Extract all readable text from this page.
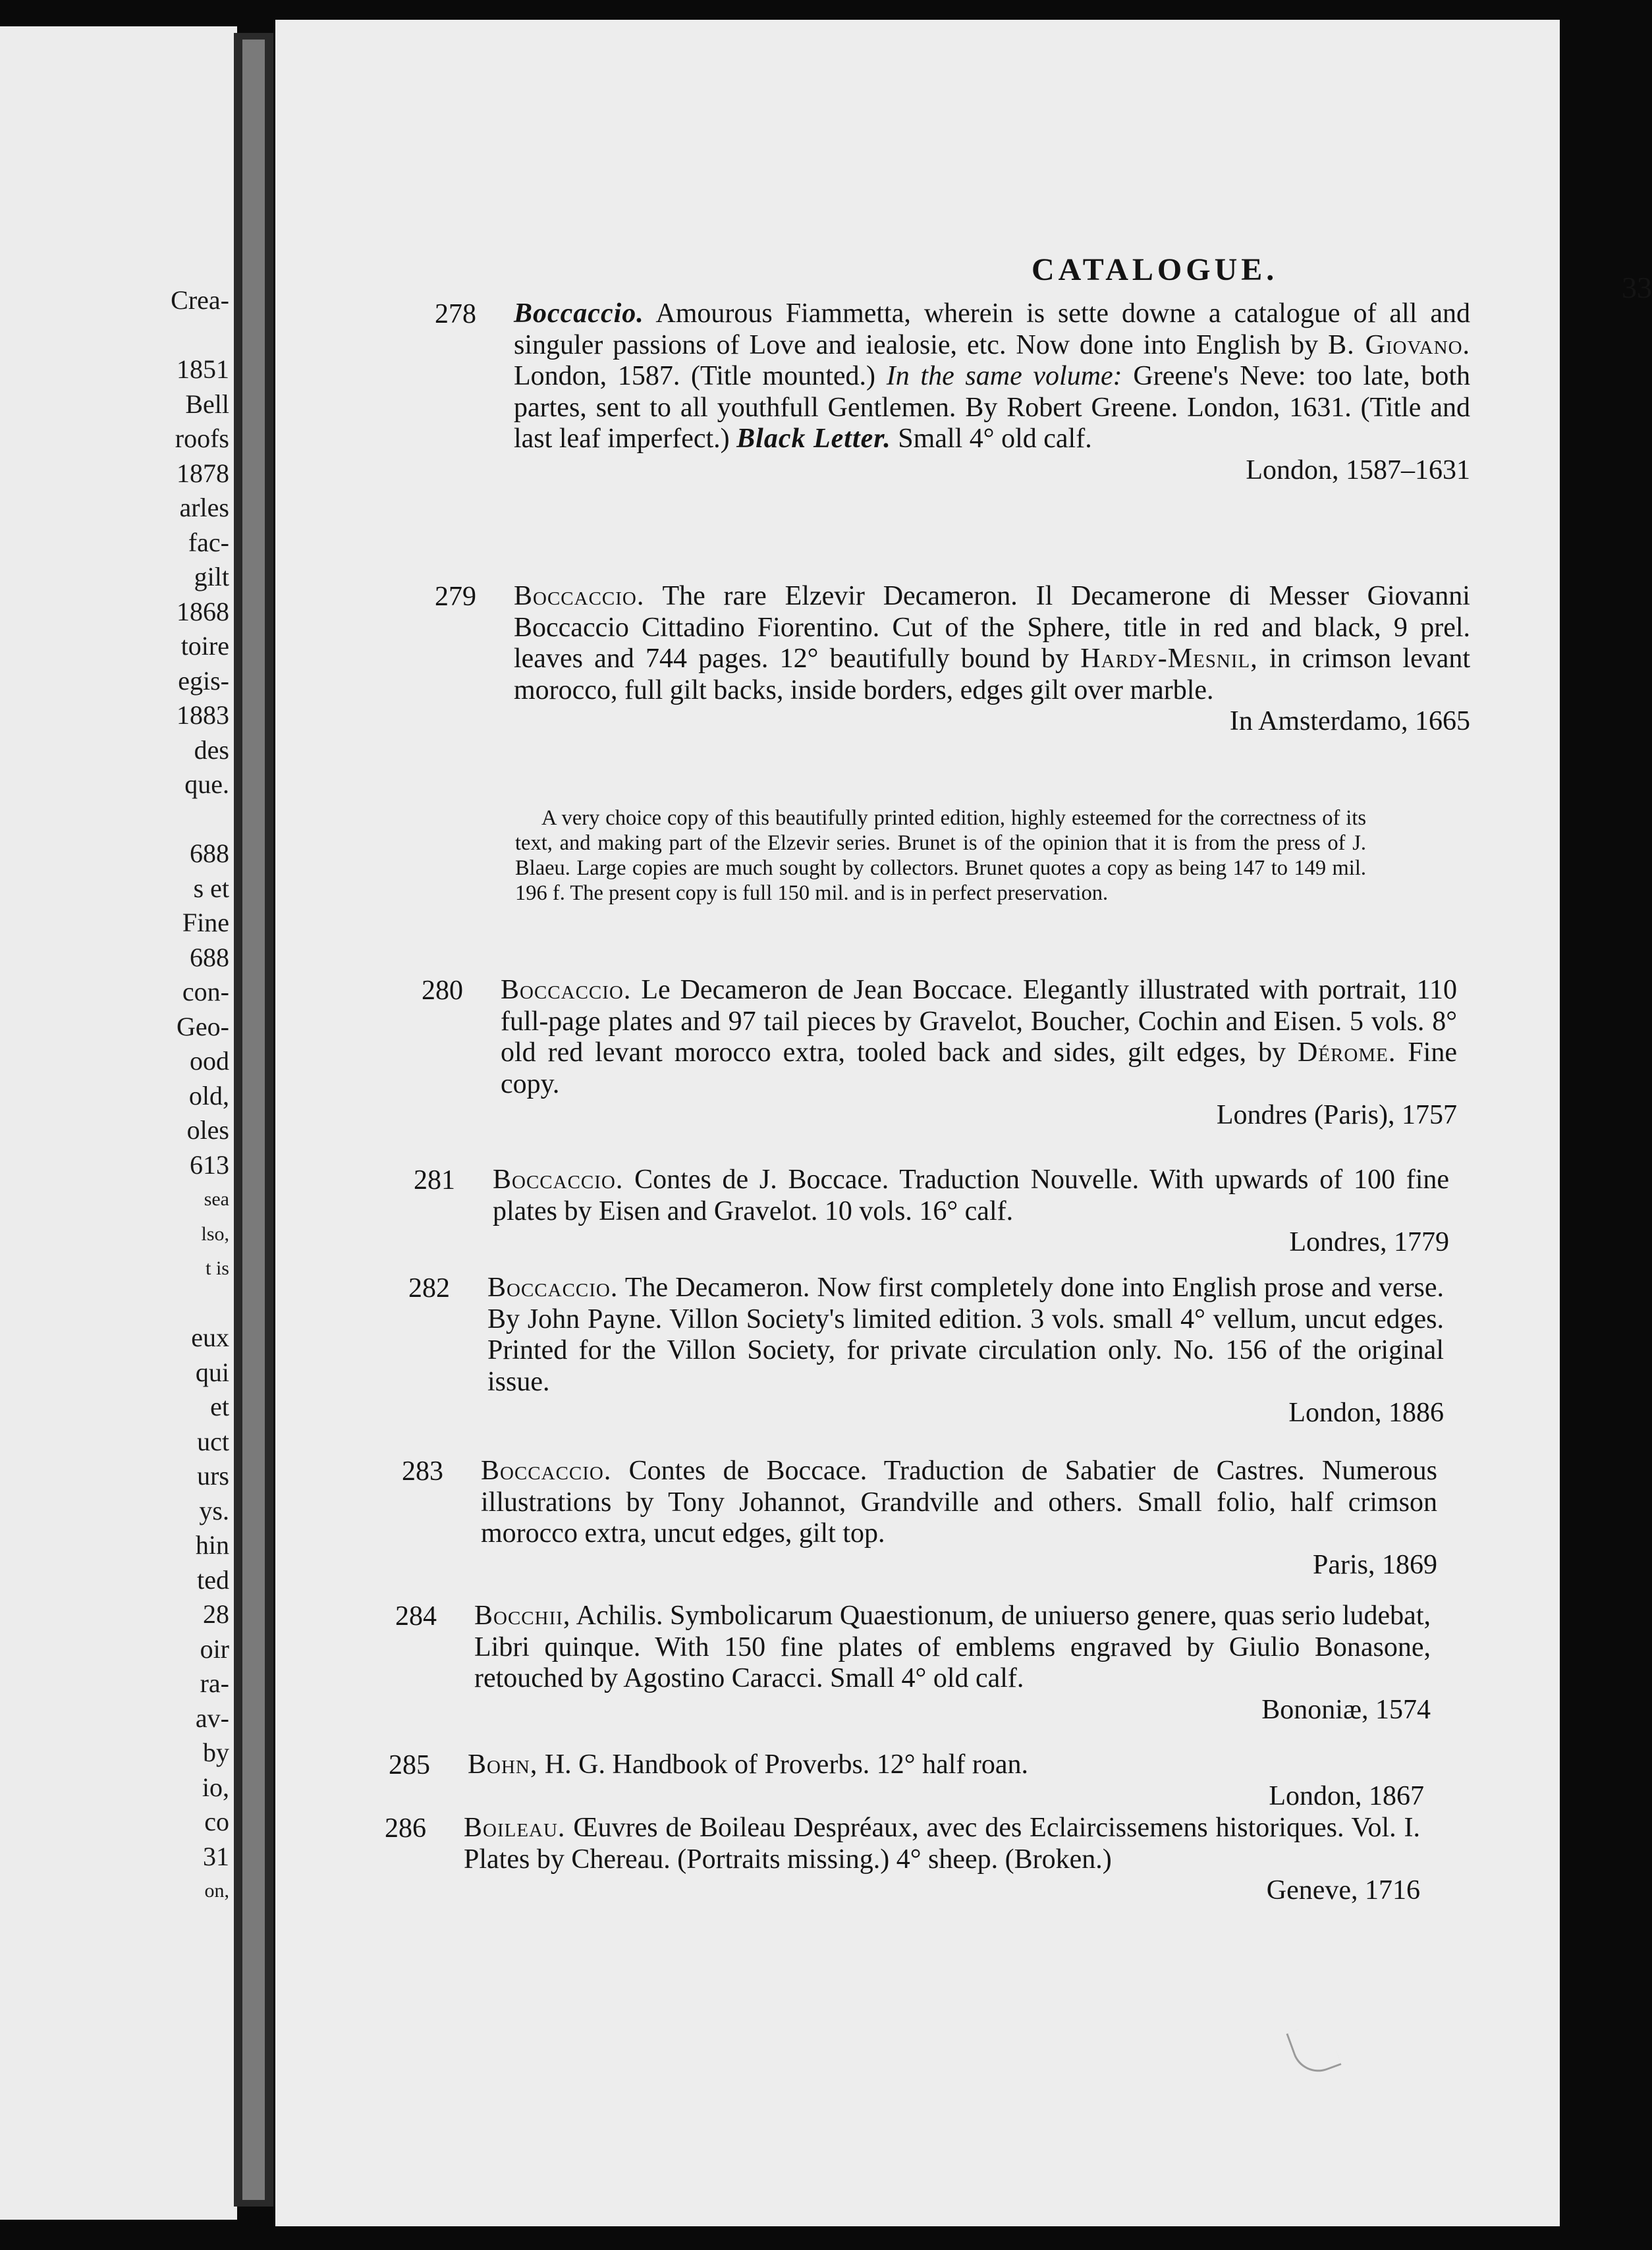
Crea-
1851
Bell
roofs
1878
arles
fac-
gilt
1868
toire
egis-
1883
des
que.
688
s et
Fine
688
con-
Geo-
ood
old,
oles
613
sea
lso,
t is
eux
qui
et
uct
urs
ys.
hin
ted
28
oir
ra-
av-
by
io,
co
31
on,
CATALOGUE.
33
278	Boccaccio. Amourous Fiammetta, wherein is sette downe a catalogue of all and singuler passions of Love and iealosie, etc. Now done into English by B. Giovano. London, 1587. (Title mounted.) In the same volume: Greene's Neve: too late, both partes, sent to all youthfull Gentlemen. By Robert Greene. London, 1631. (Title and last leaf imperfect.) Black Letter. Small 4° old calf.
London, 1587–1631
279	Boccaccio. The rare Elzevir Decameron. Il Decamerone di Messer Giovanni Boccaccio Cittadino Fiorentino. Cut of the Sphere, title in red and black, 9 prel. leaves and 744 pages. 12° beautifully bound by Hardy-Mesnil, in crimson levant morocco, full gilt backs, inside borders, edges gilt over marble.
In Amsterdamo, 1665
A very choice copy of this beautifully printed edition, highly esteemed for the correctness of its text, and making part of the Elzevir series. Brunet is of the opinion that it is from the press of J. Blaeu. Large copies are much sought by collectors. Brunet quotes a copy as being 147 to 149 mil. 196 f. The present copy is full 150 mil. and is in perfect preservation.
280	Boccaccio. Le Decameron de Jean Boccace. Elegantly illustrated with portrait, 110 full-page plates and 97 tail pieces by Gravelot, Boucher, Cochin and Eisen. 5 vols. 8° old red levant morocco extra, tooled back and sides, gilt edges, by Dérome. Fine copy.
Londres (Paris), 1757
281	Boccaccio. Contes de J. Boccace. Traduction Nouvelle. With upwards of 100 fine plates by Eisen and Gravelot. 10 vols. 16° calf.
Londres, 1779
282	Boccaccio. The Decameron. Now first completely done into English prose and verse. By John Payne. Villon Society's limited edition. 3 vols. small 4° vellum, uncut edges. Printed for the Villon Society, for private circulation only. No. 156 of the original issue.
London, 1886
283	Boccaccio. Contes de Boccace. Traduction de Sabatier de Castres. Numerous illustrations by Tony Johannot, Grandville and others. Small folio, half crimson morocco extra, uncut edges, gilt top.
Paris, 1869
284	Bocchii, Achilis. Symbolicarum Quaestionum, de uniuerso genere, quas serio ludebat, Libri quinque. With 150 fine plates of emblems engraved by Giulio Bonasone, retouched by Agostino Caracci. Small 4° old calf.
Bononiæ, 1574
285	Bohn, H. G. Handbook of Proverbs. 12° half roan.
London, 1867
286	Boileau. Œuvres de Boileau Despréaux, avec des Eclaircissemens historiques. Vol. I. Plates by Chereau. (Portraits missing.) 4° sheep. (Broken.)
Geneve, 1716
